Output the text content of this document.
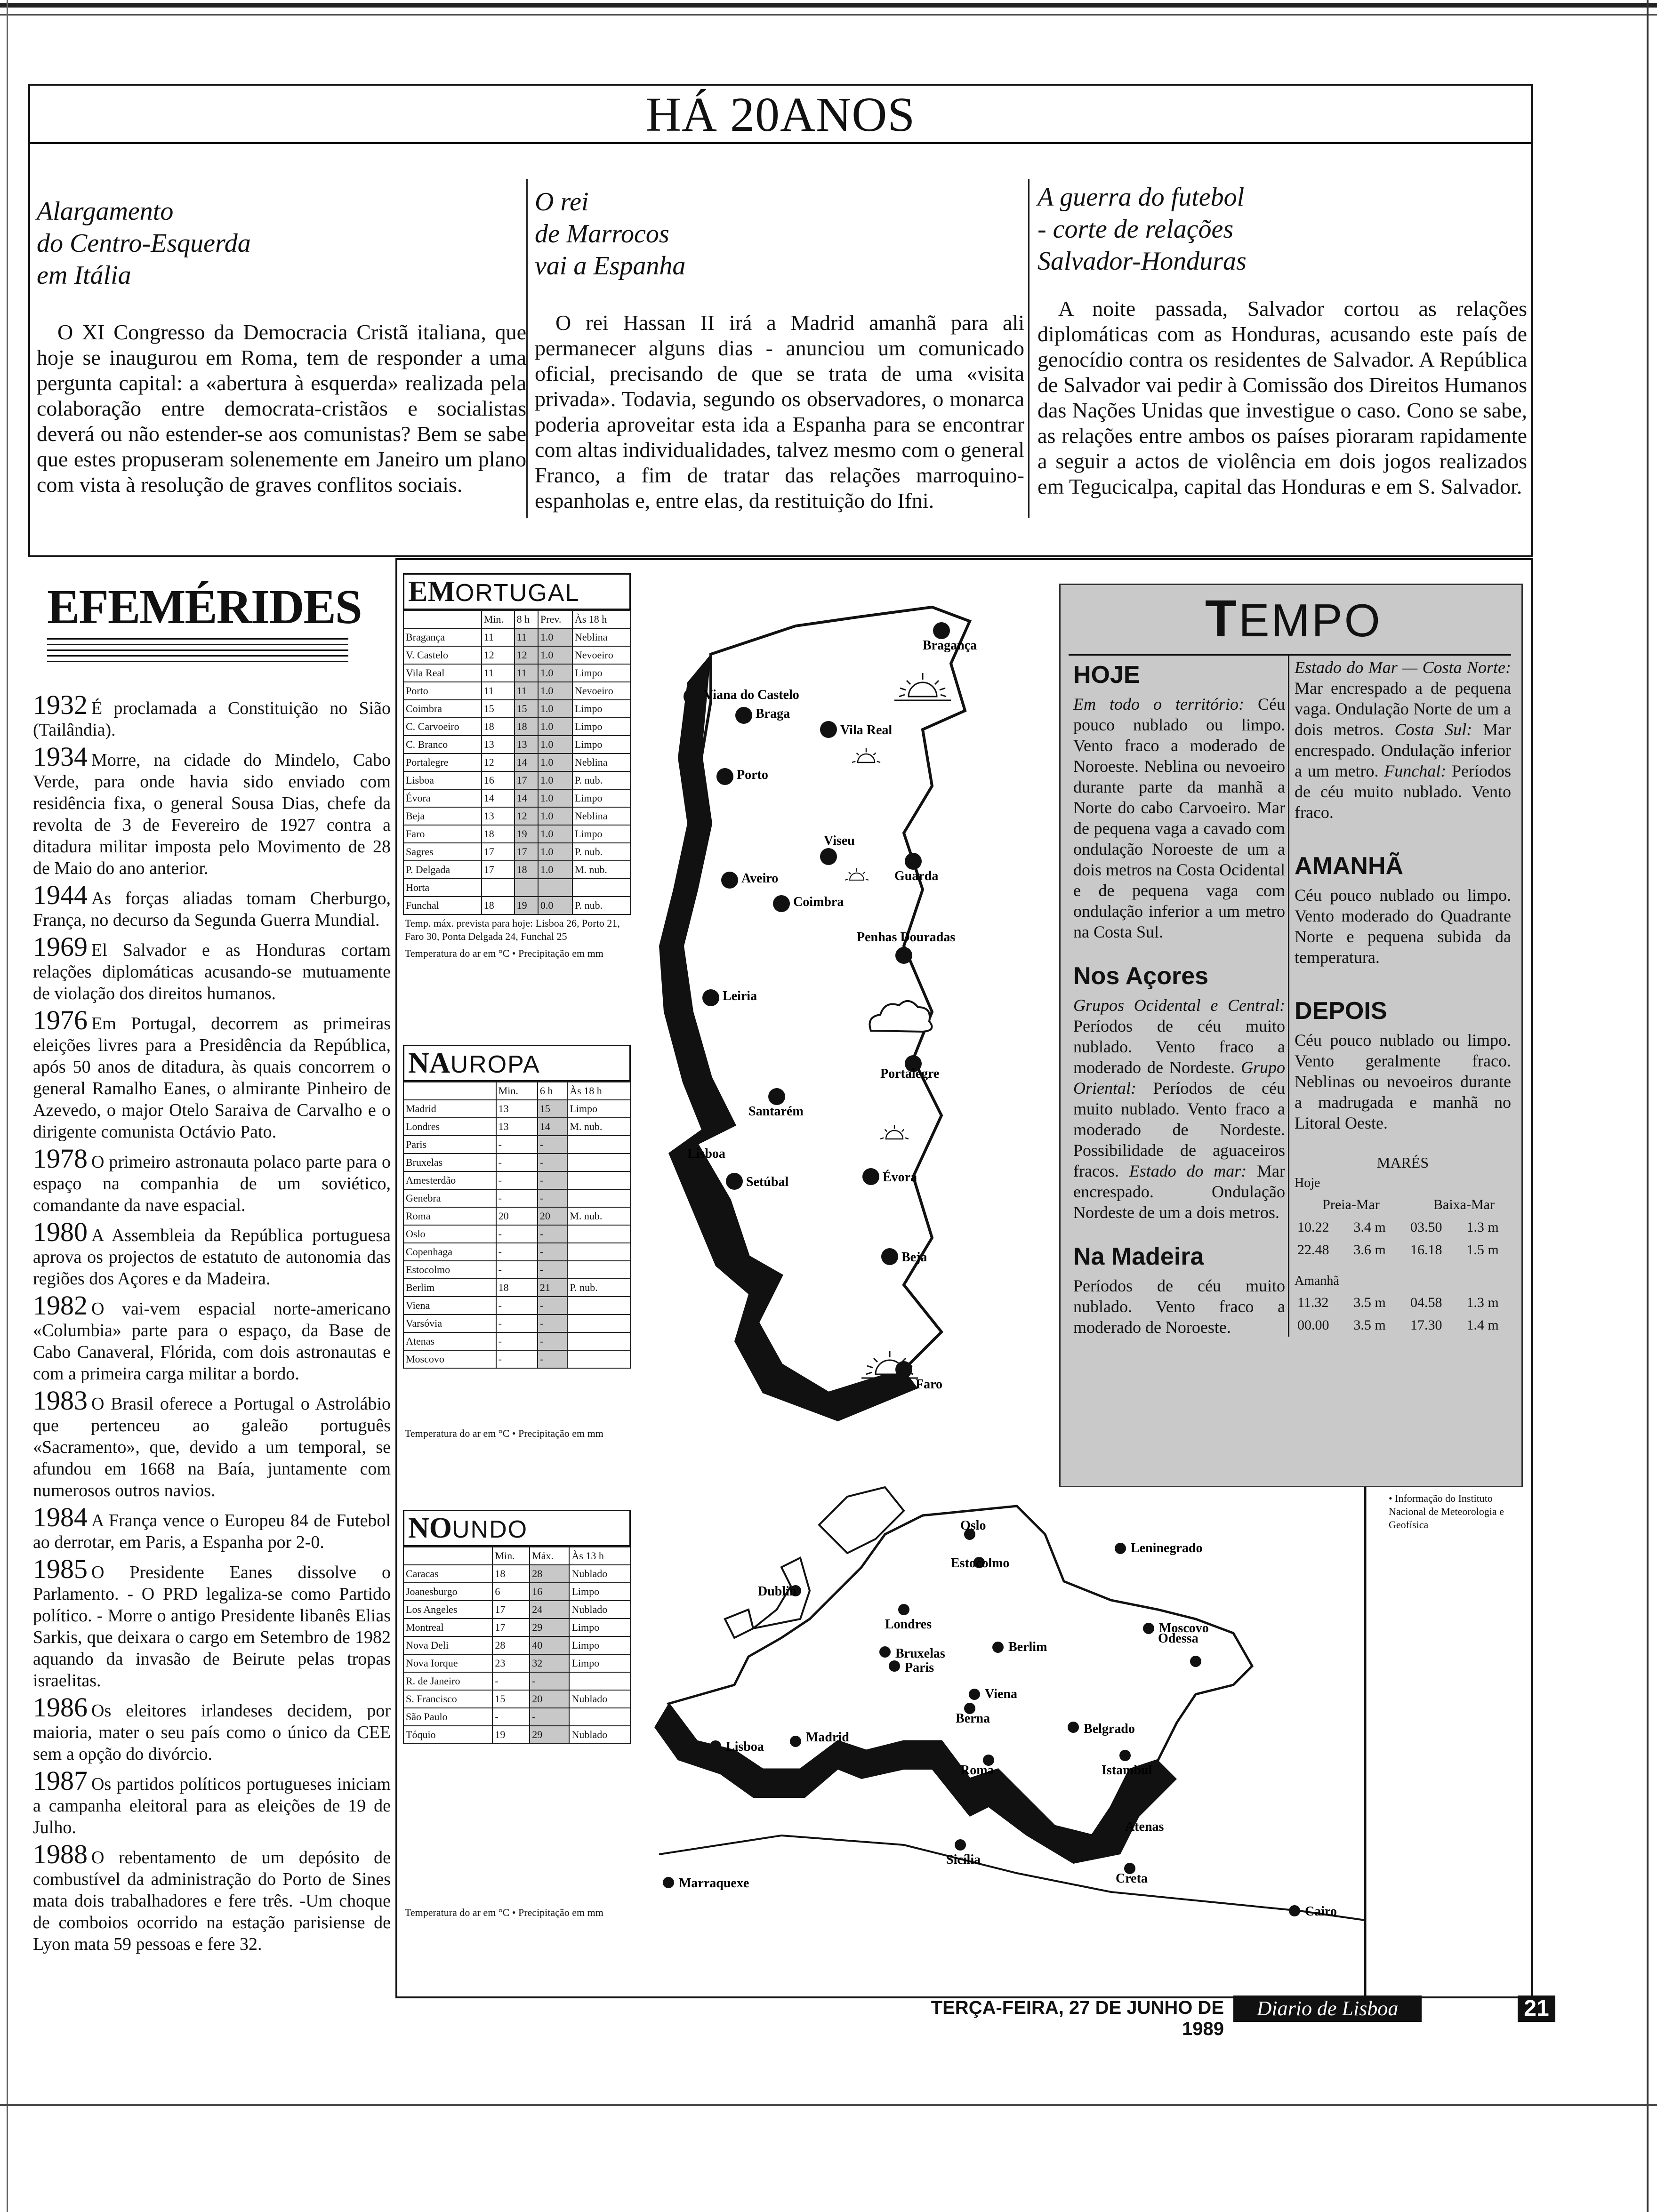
HÁ 20ANOS
Alargamento
do Centro-Esquerda
em Itália
O XI Congresso da Democracia Cristã italiana, que hoje se inaugurou em Roma, tem de responder a uma pergunta capital: a «abertura à esquerda» realizada pela colaboração entre democrata-cristãos e socialistas deverá ou não estender-se aos comunistas? Bem se sabe que estes propuseram solenemente em Janeiro um plano com vista à resolução de graves conflitos sociais.
O rei
de Marrocos
vai a Espanha
O rei Hassan II irá a Madrid amanhã para ali permanecer alguns dias - anunciou um comunicado oficial, precisando de que se trata de uma «visita privada». Todavia, segundo os observadores, o monarca poderia aproveitar esta ida a Espanha para se encontrar com altas individualidades, talvez mesmo com o general Franco, a fim de tratar das relações marroquino-espanholas e, entre elas, da restituição do Ifni.
A guerra do futebol
- corte de relações
Salvador-Honduras
A noite passada, Salvador cortou as relações diplomáticas com as Honduras, acusando este país de genocídio contra os residentes de Salvador. A República de Salvador vai pedir à Comissão dos Direitos Humanos das Nações Unidas que investigue o caso. Cono se sabe, as relações entre ambos os países pioraram rapidamente a seguir a actos de violência em dois jogos realizados em Tegucicalpa, capital das Honduras e em S. Salvador.
EFEMÉRIDES
1932 É proclamada a Constituição no Sião (Tailândia).
1934 Morre, na cidade do Mindelo, Cabo Verde, para onde havia sido enviado com residência fixa, o general Sousa Dias, chefe da revolta de 3 de Fevereiro de 1927 contra a ditadura militar imposta pelo Movimento de 28 de Maio do ano anterior.
1944 As forças aliadas tomam Cherburgo, França, no decurso da Segunda Guerra Mundial.
1969 El Salvador e as Honduras cortam relações diplomáticas acusando-se mutuamente de violação dos direitos humanos.
1976 Em Portugal, decorrem as primeiras eleições livres para a Presidência da República, após 50 anos de ditadura, às quais concorrem o general Ramalho Eanes, o almirante Pinheiro de Azevedo, o major Otelo Saraiva de Carvalho e o dirigente comunista Octávio Pato.
1978 O primeiro astronauta polaco parte para o espaço na companhia de um soviético, comandante da nave espacial.
1980 A Assembleia da República portuguesa aprova os projectos de estatuto de autonomia das regiões dos Açores e da Madeira.
1982 O vai-vem espacial norte-americano «Columbia» parte para o espaço, da Base de Cabo Canaveral, Flórida, com dois astronautas e com a primeira carga militar a bordo.
1983 O Brasil oferece a Portugal o Astrolábio que pertenceu ao galeão português «Sacramento», que, devido a um temporal, se afundou em 1668 na Baía, juntamente com numerosos outros navios.
1984 A França vence o Europeu 84 de Futebol ao derrotar, em Paris, a Espanha por 2-0.
1985 O Presidente Eanes dissolve o Parlamento. - O PRD legaliza-se como Partido político. - Morre o antigo Presidente libanês Elias Sarkis, que deixara o cargo em Setembro de 1982 aquando da invasão de Beirute pelas tropas israelitas.
1986 Os eleitores irlandeses decidem, por maioria, mater o seu país como o único da CEE sem a opção do divórcio.
1987 Os partidos políticos portugueses iniciam a campanha eleitoral para as eleições de 19 de Julho.
1988 O rebentamento de um depósito de combustível da administração do Porto de Sines mata dois trabalhadores e fere três. -Um choque de comboios ocorrido na estação parisiense de Lyon mata 59 pessoas e fere 32.
EMORTUGAL
	Min.	8 h	Prev.	Às 18 h
Bragança	11	11	1.0	Neblina
V. Castelo	12	12	1.0	Nevoeiro
Vila Real	11	11	1.0	Limpo
Porto	11	11	1.0	Nevoeiro
Coimbra	15	15	1.0	Limpo
C. Carvoeiro	18	18	1.0	Limpo
C. Branco	13	13	1.0	Limpo
Portalegre	12	14	1.0	Neblina
Lisboa	16	17	1.0	P. nub.
Évora	14	14	1.0	Limpo
Beja	13	12	1.0	Neblina
Faro	18	19	1.0	Limpo
Sagres	17	17	1.0	P. nub.
P. Delgada	17	18	1.0	M. nub.
Horta				
Funchal	18	19	0.0	P. nub.
Temp. máx. prevista para hoje: Lisboa 26, Porto 21, Faro 30, Ponta Delgada 24, Funchal 25
Temperatura do ar em °C • Precipitação em mm
NAUROPA
	Min.	6 h	Às 18 h
Madrid	13	15	Limpo
Londres	13	14	M. nub.
Paris	-	-	
Bruxelas	-	-	
Amesterdão	-	-	
Genebra	-	-	
Roma	20	20	M. nub.
Oslo	-	-	
Copenhaga	-	-	
Estocolmo	-	-	
Berlim	18	21	P. nub.
Viena	-	-	
Varsóvia	-	-	
Atenas	-	-	
Moscovo	-	-	
Temperatura do ar em °C • Precipitação em mm
NOUNDO
	Min.	Máx.	Às 13 h
Caracas	18	28	Nublado
Joanesburgo	6	16	Limpo
Los Angeles	17	24	Nublado
Montreal	17	29	Limpo
Nova Deli	28	40	Limpo
Nova Iorque	23	32	Limpo
R. de Janeiro	-	-	
S. Francisco	15	20	Nublado
São Paulo	-	-	
Tóquio	19	29	Nublado
Temperatura do ar em °C • Precipitação em mm
Bragança
Viana do Castelo
Braga
Vila Real
Porto
Viseu
Aveiro	Guarda
Coimbra
Penhas Douradas
Leiria
Portalegre
Santarém
Lisboa
Setúbal	Évora
Beja
Faro
Oslo
Estocolmo
Leninegrado
Dublin
Londres	Moscovo
Bruxelas	Berlim
Paris
Odessa
Viena
Berna
Belgrado
Lisboa
Madrid
Roma	Istambul
Sicília
Atenas
Marraquexe	Creta
Cairo
TEMPO
HOJE
Em todo o território: Céu pouco nublado ou limpo. Vento fraco a moderado de Noroeste. Neblina ou nevoeiro durante parte da manhã a Norte do cabo Carvoeiro. Mar de pequena vaga a cavado com ondulação Noroeste de um a dois metros na Costa Ocidental e de pequena vaga com ondulação inferior a um metro na Costa Sul.
Nos Açores
Grupos Ocidental e Central: Períodos de céu muito nublado. Vento fraco a moderado de Nordeste. Grupo Oriental: Períodos de céu muito nublado. Vento fraco a moderado de Nordeste. Possibilidade de aguaceiros fracos. Estado do mar: Mar encrespado. Ondulação Nordeste de um a dois metros.
Na Madeira
Períodos de céu muito nublado. Vento fraco a moderado de Noroeste.
Estado do Mar — Costa Norte: Mar encrespado a de pequena vaga. Ondulação Norte de um a dois metros. Costa Sul: Mar encrespado. Ondulação inferior a um metro. Funchal: Períodos de céu muito nublado. Vento fraco.
AMANHÃ
Céu pouco nublado ou limpo. Vento moderado do Quadrante Norte e pequena subida da temperatura.
DEPOIS
Céu pouco nublado ou limpo. Vento geralmente fraco. Neblinas ou nevoeiros durante a madrugada e manhã no Litoral Oeste.
MARÉS
Hoje
Preia-Mar		Baixa-Mar	
10.22	3.4 m	03.50	1.3 m
22.48	3.6 m	16.18	1.5 m
Amanhã
11.32	3.5 m	04.58	1.3 m
00.00	3.5 m	17.30	1.4 m
• Informação do Instituto Nacional de Meteorologia e Geofísica
TERÇA-FEIRA, 27 DE JUNHO DE 1989
Diario de Lisboa	21
